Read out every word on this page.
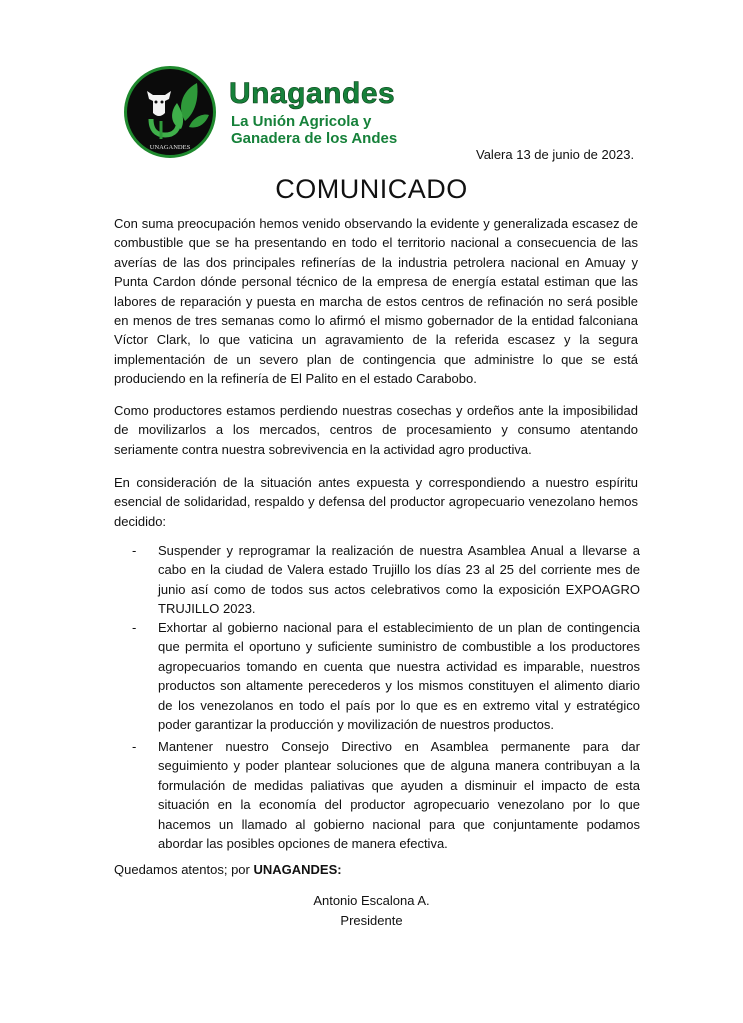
UNAGANDES
Unagandes
La Unión Agricola y
Ganadera de los Andes
Valera 13 de junio de 2023.
COMUNICADO
Con suma preocupación hemos venido observando la evidente y generalizada escasez de combustible que se ha presentando en todo el territorio nacional a consecuencia de las averías de las dos principales refinerías de la industria petrolera nacional en Amuay y Punta Cardon dónde personal técnico de la empresa de energía estatal estiman que las labores de reparación y puesta en marcha de estos centros de refinación no será posible en menos de tres semanas como lo afirmó el mismo gobernador de la entidad falconiana Víctor Clark, lo que vaticina un agravamiento de la referida escasez y la segura implementación de un severo plan de contingencia que administre lo que se está produciendo en la refinería de El Palito en el estado Carabobo.
Como productores estamos perdiendo nuestras cosechas y ordeños ante la imposibilidad de movilizarlos a los mercados, centros de procesamiento y consumo atentando seriamente contra nuestra sobrevivencia en la actividad agro productiva.
En consideración de la situación antes expuesta y correspondiendo a nuestro espíritu esencial de solidaridad, respaldo y defensa del productor agropecuario venezolano hemos decidido:
-	Suspender y reprogramar la realización de nuestra Asamblea Anual a llevarse a cabo en la ciudad de Valera estado Trujillo los días 23 al 25 del corriente mes de junio así como de todos sus actos celebrativos como la exposición EXPOAGRO TRUJILLO 2023.
-	Exhortar al gobierno nacional para el establecimiento de un plan de contingencia que permita el oportuno y suficiente suministro de combustible a los productores agropecuarios tomando en cuenta que nuestra actividad es imparable, nuestros productos son altamente perecederos y los mismos constituyen el alimento diario de los venezolanos en todo el país por lo que es en extremo vital y estratégico poder garantizar la producción y movilización de nuestros productos.
-	Mantener nuestro Consejo Directivo en Asamblea permanente para dar seguimiento y poder plantear soluciones que de alguna manera contribuyan a la formulación de medidas paliativas que ayuden a disminuir el impacto de esta situación en la economía del productor agropecuario venezolano por lo que hacemos un llamado al gobierno nacional para que conjuntamente podamos abordar las posibles opciones de manera efectiva.
Quedamos atentos; por UNAGANDES:
Antonio Escalona A.
Presidente
